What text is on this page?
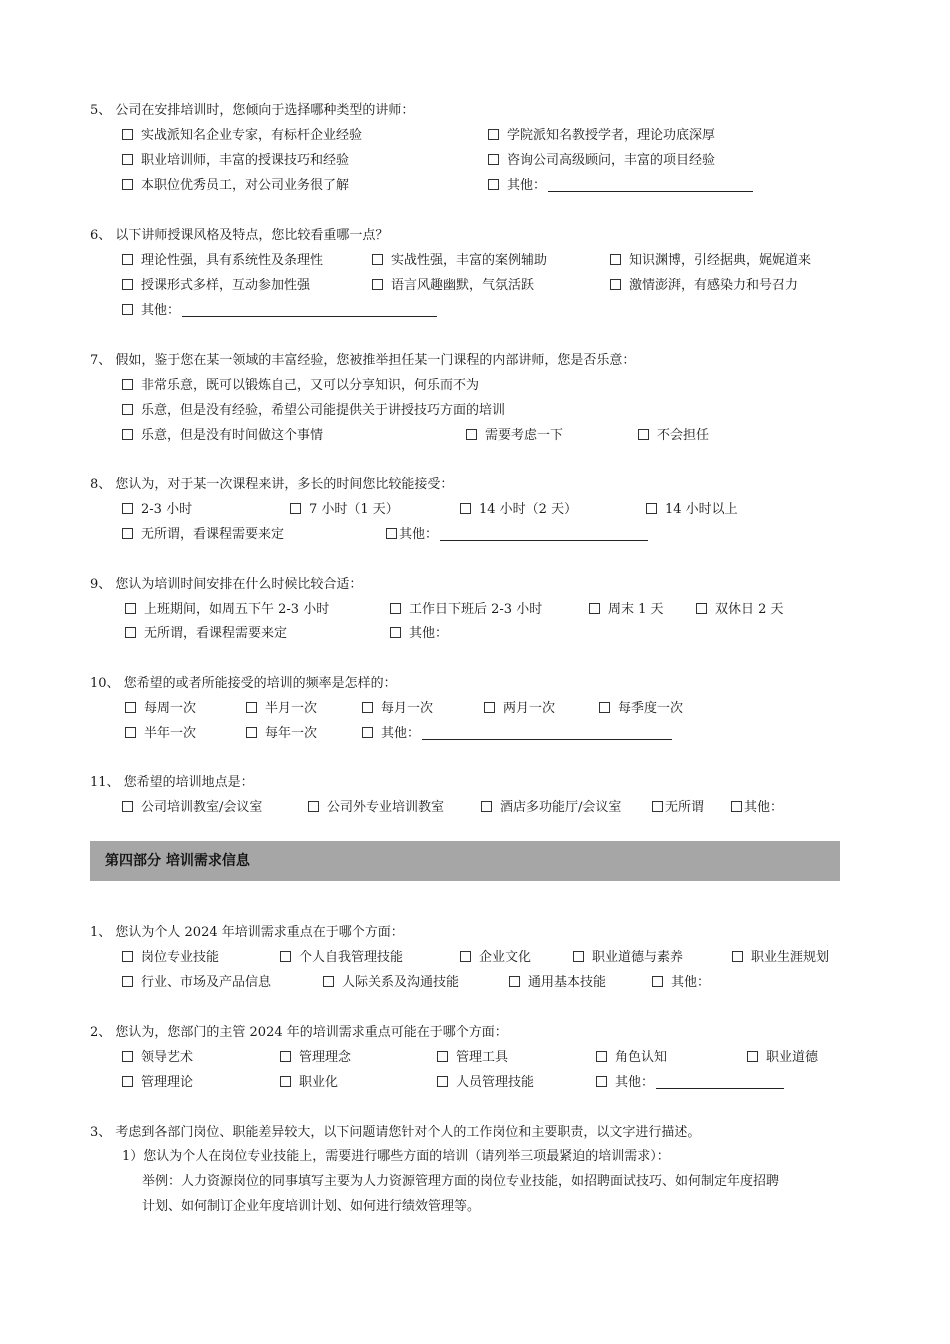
5、 公司在安排培训时，您倾向于选择哪种类型的讲师：
实战派知名企业专家，有标杆企业经验	学院派知名教授学者，理论功底深厚
职业培训师，丰富的授课技巧和经验	咨询公司高级顾问，丰富的项目经验
本职位优秀员工，对公司业务很了解	其他：
6、 以下讲师授课风格及特点，您比较看重哪一点？
理论性强，具有系统性及条理性	实战性强，丰富的案例辅助	知识渊博，引经据典，娓娓道来
授课形式多样，互动参加性强	语言风趣幽默，气氛活跃	激情澎湃，有感染力和号召力
其他：
7、 假如，鉴于您在某一领域的丰富经验，您被推举担任某一门课程的内部讲师，您是否乐意：
非常乐意，既可以锻炼自己，又可以分享知识，何乐而不为
乐意，但是没有经验，希望公司能提供关于讲授技巧方面的培训
乐意，但是没有时间做这个事情	需要考虑一下	不会担任
8、 您认为，对于某一次课程来讲，多长的时间您比较能接受：
2-3 小时	7 小时（1 天）	14 小时（2 天）	14 小时以上
无所谓，看课程需要来定	其他：
9、 您认为培训时间安排在什么时候比较合适：
上班期间，如周五下午 2-3 小时	工作日下班后 2-3 小时	周末 1 天	双休日 2 天
无所谓，看课程需要来定	其他：
10、 您希望的或者所能接受的培训的频率是怎样的：
每周一次	半月一次	每月一次	两月一次	每季度一次
半年一次	每年一次	其他：
11、 您希望的培训地点是：
公司培训教室/会议室	公司外专业培训教室	酒店多功能厅/会议室	无所谓	其他：
第四部分 培训需求信息
1、 您认为个人 2024 年培训需求重点在于哪个方面：
岗位专业技能	个人自我管理技能	企业文化	职业道德与素养	职业生涯规划
行业、市场及产品信息	人际关系及沟通技能	通用基本技能	其他：
2、 您认为，您部门的主管 2024 年的培训需求重点可能在于哪个方面：
领导艺术	管理理念	管理工具	角色认知	职业道德
管理理论	职业化	人员管理技能	其他：
3、 考虑到各部门岗位、职能差异较大，以下问题请您针对个人的工作岗位和主要职责，以文字进行描述。
1）您认为个人在岗位专业技能上，需要进行哪些方面的培训（请列举三项最紧迫的培训需求）：
举例：人力资源岗位的同事填写主要为人力资源管理方面的岗位专业技能，如招聘面试技巧、如何制定年度招聘
计划、如何制订企业年度培训计划、如何进行绩效管理等。
